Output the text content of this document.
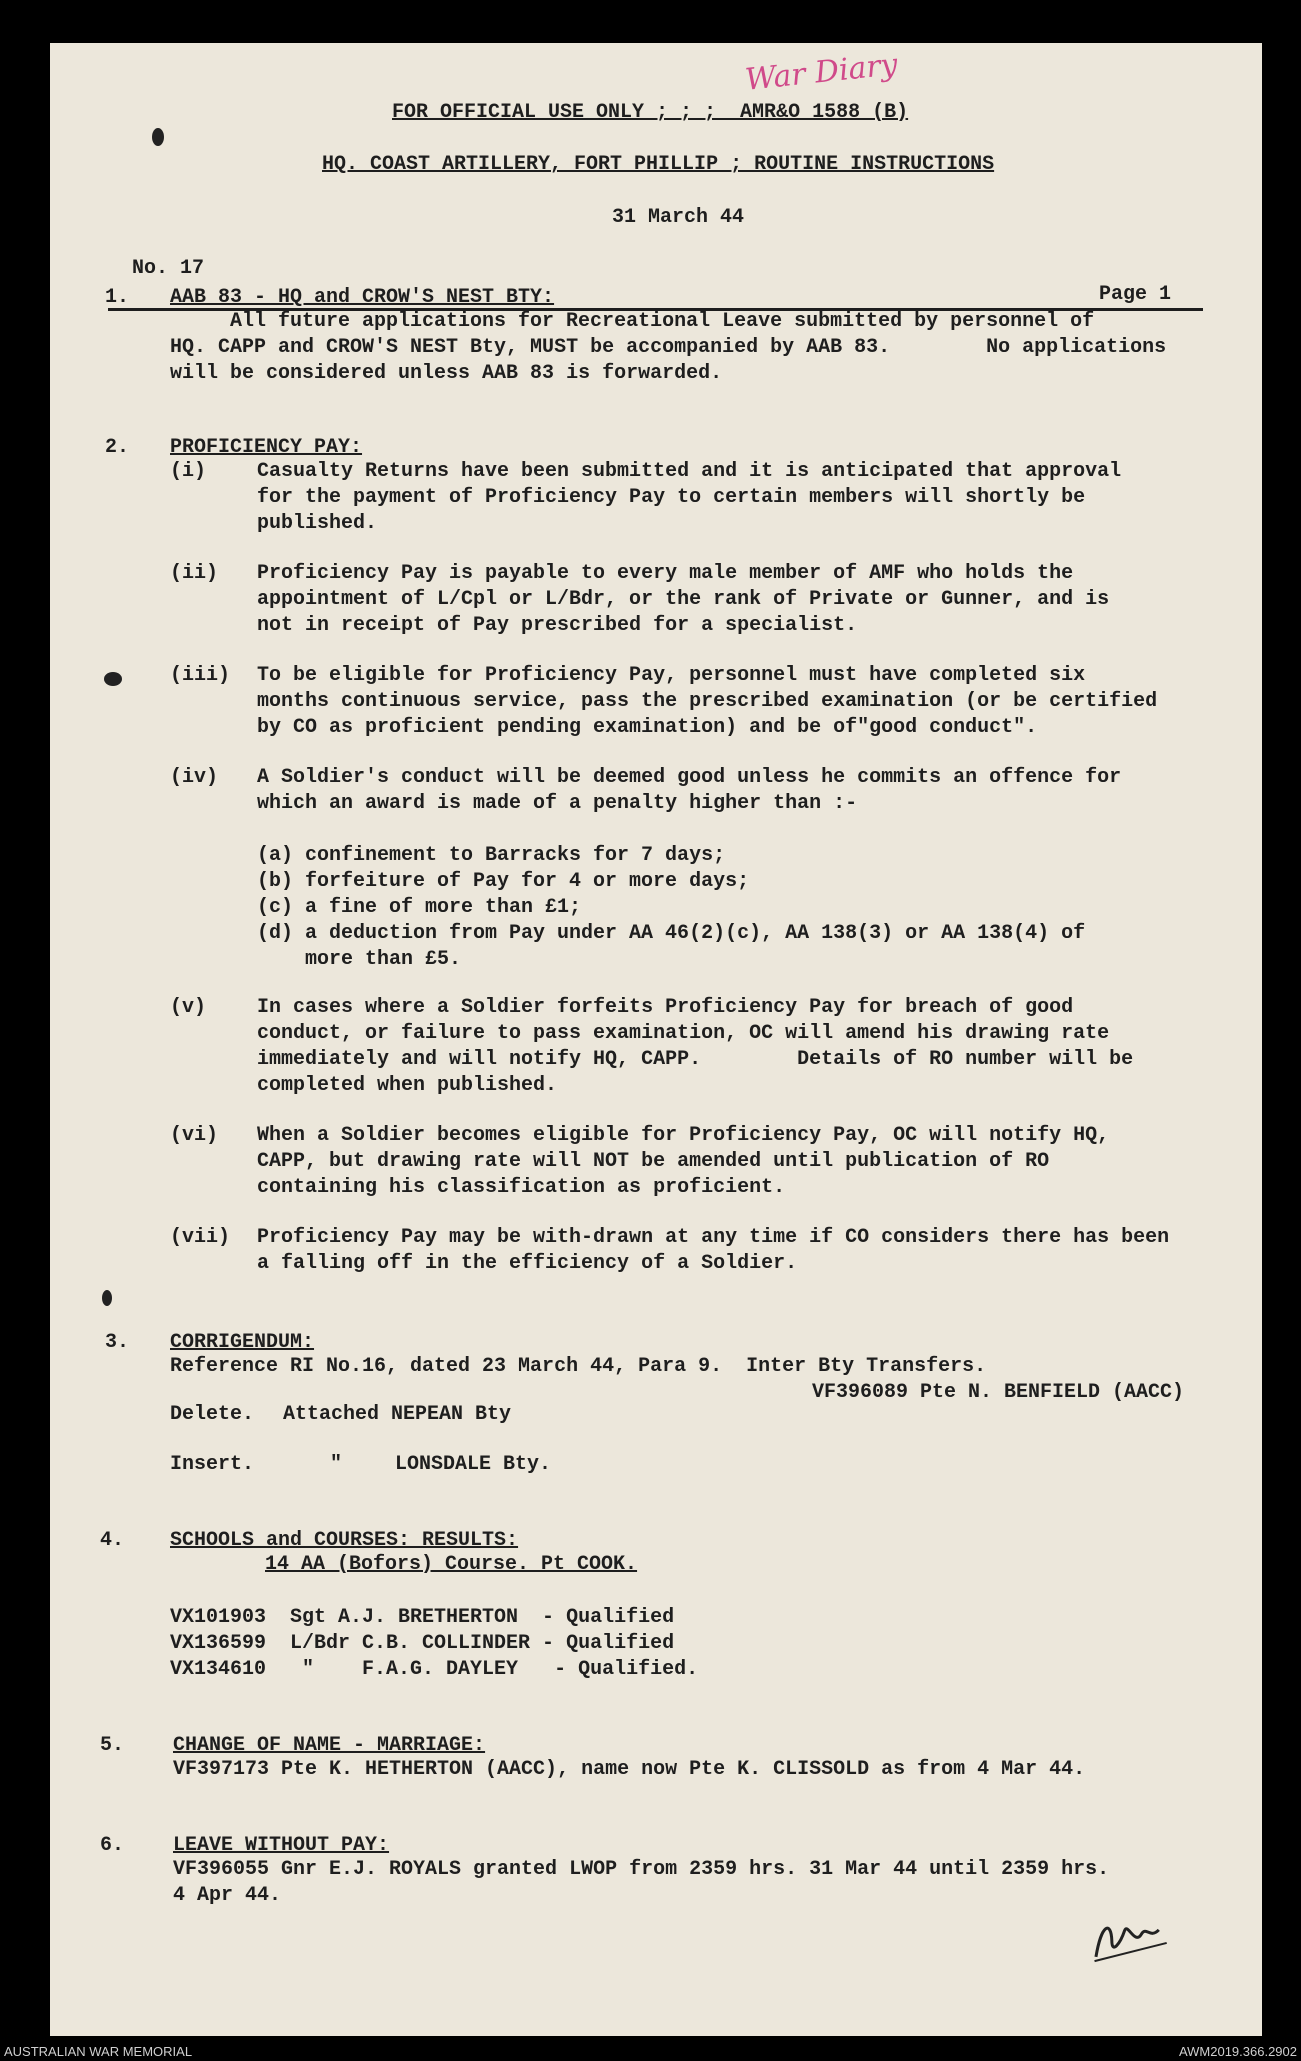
War Diary
FOR OFFICIAL USE ONLY ; ; ;  AMR&O 1588 (B)
HQ. COAST ARTILLERY, FORT PHILLIP ; ROUTINE INSTRUCTIONS
31 March 44

No. 17

Page 1

1. AAB 83 - HQ and CROW'S NEST BTY:
All future applications for Recreational Leave submitted by personnel of
HQ. CAPP and CROW'S NEST Bty, MUST be accompanied by AAB 83.        No applications
will be considered unless AAB 83 is forwarded.
2. PROFICIENCY PAY:
(i)	Casualty Returns have been submitted and it is anticipated that approval
for the payment of Proficiency Pay to certain members will shortly be
published.
(ii) Proficiency Pay is payable to every male member of AMF who holds the
appointment of L/Cpl or L/Bdr, or the rank of Private or Gunner, and is
not in receipt of Pay prescribed for a specialist.
(iii) To be eligible for Proficiency Pay, personnel must have completed six
months continuous service, pass the prescribed examination (or be certified
by CO as proficient pending examination) and be of"good conduct".
(iv) A Soldier's conduct will be deemed good unless he commits an offence for
which an award is made of a penalty higher than :-
(a) confinement to Barracks for 7 days;
(b) forfeiture of Pay for 4 or more days;
(c) a fine of more than £1;
(d) a deduction from Pay under AA 46(2)(c), AA 138(3) or AA 138(4) of
more than £5.
(v)	In cases where a Soldier forfeits Proficiency Pay for breach of good
conduct, or failure to pass examination, OC will amend his drawing rate
immediately and will notify HQ, CAPP.        Details of RO number will be
completed when published.
(vi) When a Soldier becomes eligible for Proficiency Pay, OC will notify HQ,
CAPP, but drawing rate will NOT be amended until publication of RO
containing his classification as proficient.
(vii) Proficiency Pay may be with-drawn at any time if CO considers there has been
a falling off in the efficiency of a Soldier.
3. CORRIGENDUM:
Reference RI No.16, dated 23 March 44, Para 9.  Inter Bty Transfers.
VF396089 Pte N. BENFIELD (AACC)
Delete. Attached NEPEAN Bty
Insert.	"	LONSDALE Bty.
4. SCHOOLS and COURSES: RESULTS:
14 AA (Bofors) Course. Pt COOK.
VX101903  Sgt A.J. BRETHERTON  - Qualified
VX136599  L/Bdr C.B. COLLINDER - Qualified
VX134610   "    F.A.G. DAYLEY   - Qualified.
5. CHANGE OF NAME - MARRIAGE:
VF397173 Pte K. HETHERTON (AACC), name now Pte K. CLISSOLD as from 4 Mar 44.
6. LEAVE WITHOUT PAY:
VF396055 Gnr E.J. ROYALS granted LWOP from 2359 hrs. 31 Mar 44 until 2359 hrs.
4 Apr 44.
AUSTRALIAN WAR MEMORIAL	AWM2019.366.2902
